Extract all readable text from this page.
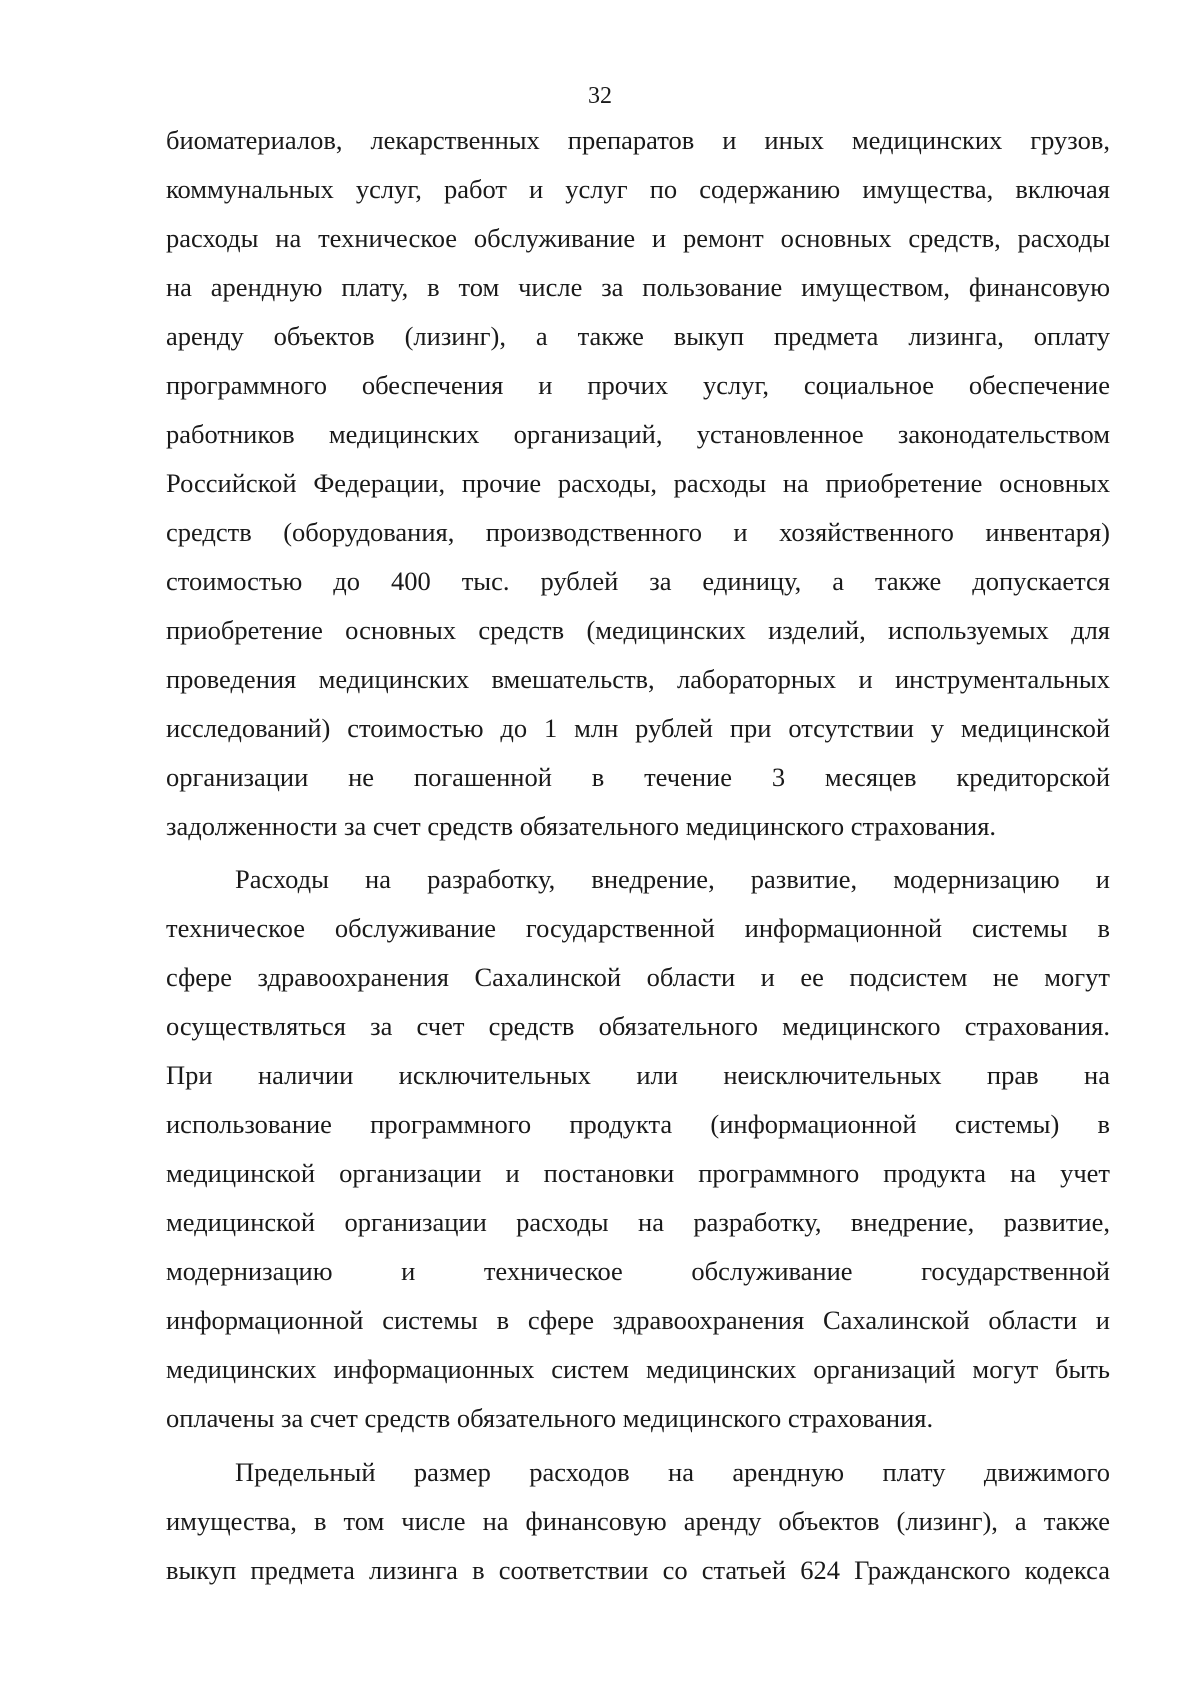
32
биоматериалов, лекарственных препаратов и иных медицинских грузов,
коммунальных услуг, работ и услуг по содержанию имущества, включая
расходы на техническое обслуживание и ремонт основных средств, расходы
на арендную плату, в том числе за пользование имуществом, финансовую
аренду объектов (лизинг), а также выкуп предмета лизинга, оплату
программного обеспечения и прочих услуг, социальное обеспечение
работников медицинских организаций, установленное законодательством
Российской Федерации, прочие расходы, расходы на приобретение основных
средств (оборудования, производственного и хозяйственного инвентаря)
стоимостью до 400 тыс. рублей за единицу, а также допускается
приобретение основных средств (медицинских изделий, используемых для
проведения медицинских вмешательств, лабораторных и инструментальных
исследований) стоимостью до 1 млн рублей при отсутствии у медицинской
организации не погашенной в течение 3 месяцев кредиторской
задолженности за счет средств обязательного медицинского страхования.
Расходы на разработку, внедрение, развитие, модернизацию и
техническое обслуживание государственной информационной системы в
сфере здравоохранения Сахалинской области и ее подсистем не могут
осуществляться за счет средств обязательного медицинского страхования.
При наличии исключительных или неисключительных прав на
использование программного продукта (информационной системы) в
медицинской организации и постановки программного продукта на учет
медицинской организации расходы на разработку, внедрение, развитие,
модернизацию и техническое обслуживание государственной
информационной системы в сфере здравоохранения Сахалинской области и
медицинских информационных систем медицинских организаций могут быть
оплачены за счет средств обязательного медицинского страхования.
Предельный размер расходов на арендную плату движимого
имущества, в том числе на финансовую аренду объектов (лизинг), а также
выкуп предмета лизинга в соответствии со статьей 624 Гражданского кодекса
